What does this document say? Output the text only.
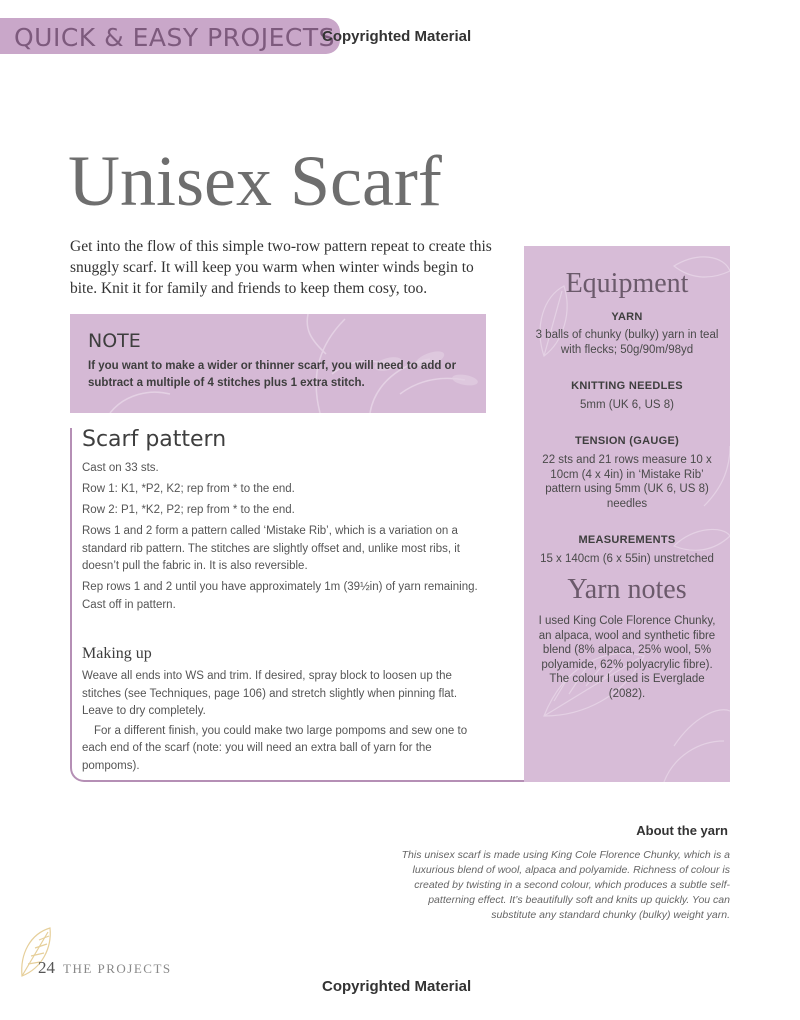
QUICK & EASY PROJECTS
Copyrighted Material
Unisex Scarf
Get into the flow of this simple two-row pattern repeat to create this snuggly scarf. It will keep you warm when winter winds begin to bite. Knit it for family and friends to keep them cosy, too.
NOTE
If you want to make a wider or thinner scarf, you will need to add or subtract a multiple of 4 stitches plus 1 extra stitch.
Scarf pattern

Cast on 33 sts.

Row 1: K1, *P2, K2; rep from * to the end.

Row 2: P1, *K2, P2; rep from * to the end.

Rows 1 and 2 form a pattern called ‘Mistake Rib’, which is a variation on a standard rib pattern. The stitches are slightly offset and, unlike most ribs, it doesn’t pull the fabric in. It is also reversible.

Rep rows 1 and 2 until you have approximately 1m (39½in) of yarn remaining. Cast off in pattern.

Making up

Weave all ends into WS and trim. If desired, spray block to loosen up the stitches (see Techniques, page 106) and stretch slightly when pinning flat. Leave to dry completely.

For a different finish, you could make two large pompoms and sew one to each end of the scarf (note: you will need an extra ball of yarn for the pompoms).

Equipment
YARN
3 balls of chunky (bulky) yarn in teal with flecks; 50g/90m/98yd
KNITTING NEEDLES
5mm (UK 6, US 8)
TENSION (GAUGE)
22 sts and 21 rows measure 10 x 10cm (4 x 4in) in ‘Mistake Rib’ pattern using 5mm (UK 6, US 8) needles
MEASUREMENTS
15 x 140cm (6 x 55in) unstretched
Yarn notes
I used King Cole Florence Chunky, an alpaca, wool and synthetic fibre blend (8% alpaca, 25% wool, 5% polyamide, 62% polyacrylic fibre). The colour I used is Everglade (2082).
About the yarn
This unisex scarf is made using King Cole Florence Chunky, which is a luxurious blend of wool, alpaca and polyamide. Richness of colour is created by twisting in a second colour, which produces a subtle self-patterning effect. It’s beautifully soft and knits up quickly. You can substitute any standard chunky (bulky) weight yarn.
24 THE PROJECTS
Copyrighted Material
